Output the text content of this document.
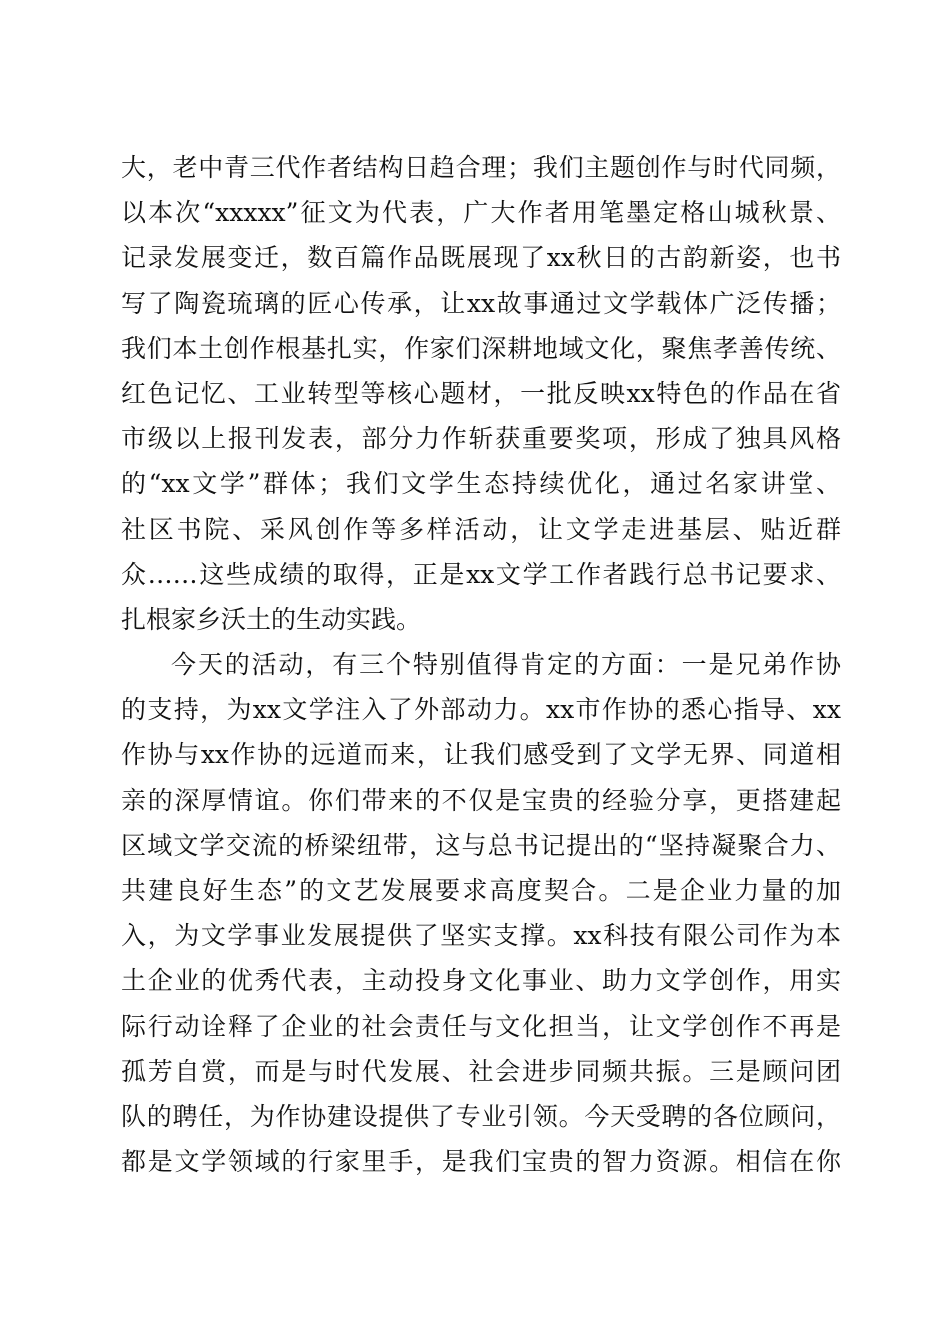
大，老中青三代作者结构日趋合理；我们主题创作与时代同频，
以本次“xxxxx”征文为代表，广大作者用笔墨定格山城秋景、
记录发展变迁，数百篇作品既展现了xx秋日的古韵新姿，也书
写了陶瓷琉璃的匠心传承，让xx故事通过文学载体广泛传播；
我们本土创作根基扎实，作家们深耕地域文化，聚焦孝善传统、
红色记忆、工业转型等核心题材，一批反映xx特色的作品在省
市级以上报刊发表，部分力作斩获重要奖项，形成了独具风格
的“xx文学”群体；我们文学生态持续优化，通过名家讲堂、
社区书院、采风创作等多样活动，让文学走进基层、贴近群
众……这些成绩的取得，正是xx文学工作者践行总书记要求、
扎根家乡沃土的生动实践。
今天的活动，有三个特别值得肯定的方面：一是兄弟作协
的支持，为xx文学注入了外部动力。xx市作协的悉心指导、xx
作协与xx作协的远道而来，让我们感受到了文学无界、同道相
亲的深厚情谊。你们带来的不仅是宝贵的经验分享，更搭建起
区域文学交流的桥梁纽带，这与总书记提出的“坚持凝聚合力、
共建良好生态”的文艺发展要求高度契合。二是企业力量的加
入，为文学事业发展提供了坚实支撑。xx科技有限公司作为本
土企业的优秀代表，主动投身文化事业、助力文学创作，用实
际行动诠释了企业的社会责任与文化担当，让文学创作不再是
孤芳自赏，而是与时代发展、社会进步同频共振。三是顾问团
队的聘任，为作协建设提供了专业引领。今天受聘的各位顾问，
都是文学领域的行家里手，是我们宝贵的智力资源。相信在你
